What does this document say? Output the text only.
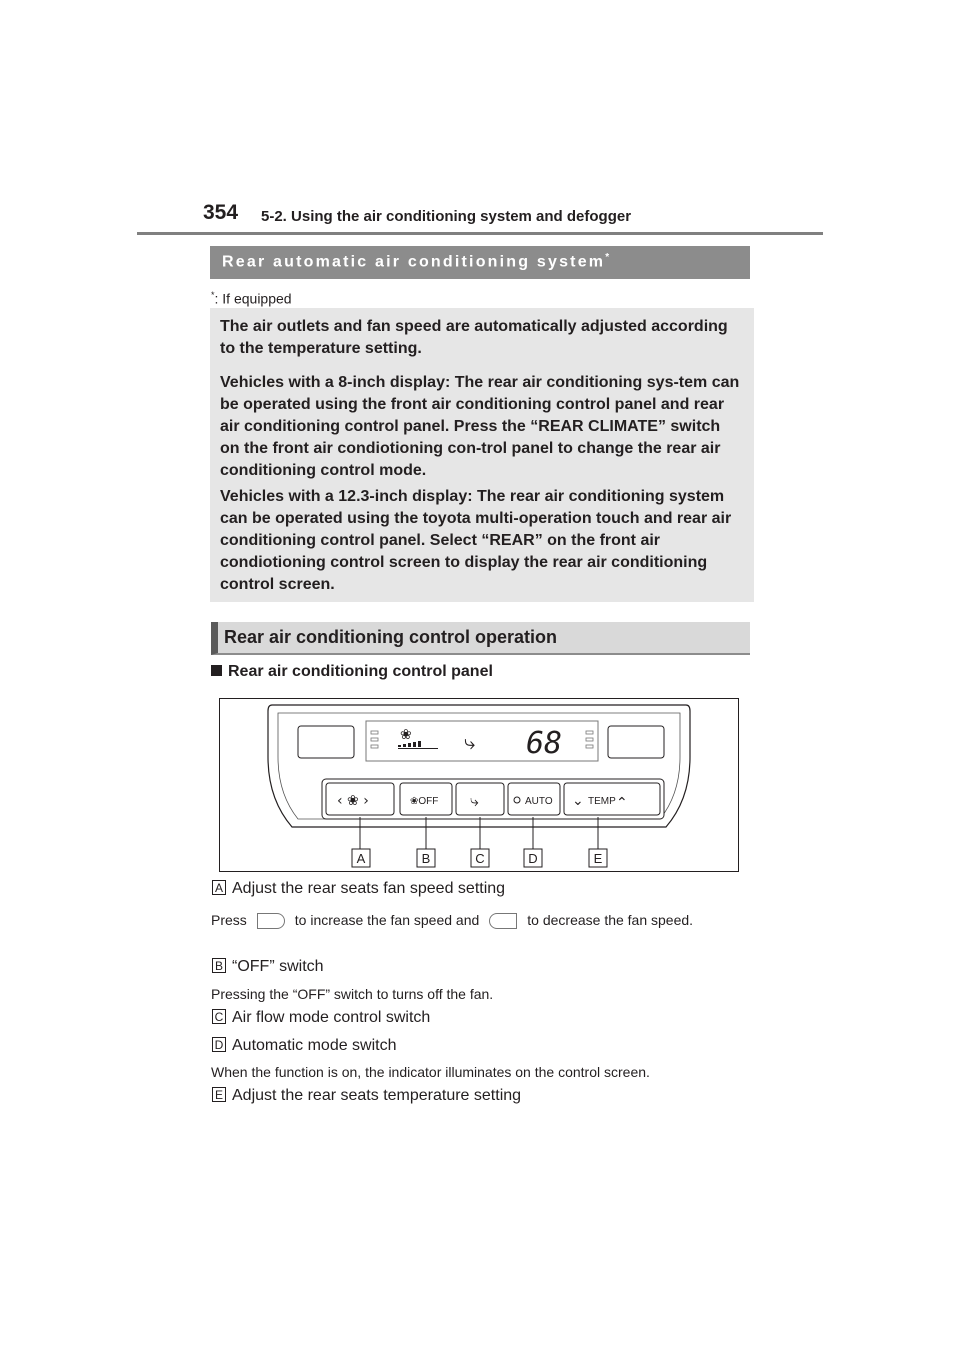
354 5-2. Using the air conditioning system and defogger
Rear automatic air conditioning system*
*: If equipped

The air outlets and fan speed are automatically adjusted according to the temperature setting.

Vehicles with a 8-inch display: The rear air conditioning sys-tem can be operated using the front air conditioning control panel and rear air conditioning control panel. Press the “REAR CLIMATE” switch on the front air condiotioning con-trol panel to change the rear air conditioning control mode.

Vehicles with a 12.3-inch display: The rear air conditioning system can be operated using the toyota multi-operation touch and rear air conditioning control panel. Select “REAR” on the front air condiotioning control screen to display the rear air conditioning control screen.

Rear air conditioning control operation
Rear air conditioning control panel
❀	⤷ 68
‹ ❀ ›	❀OFF ⤷	AUTO ⌄ TEMP ⌃
A	B	C	D	E
A Adjust the rear seats fan speed setting
Press	to increase the fan speed and	to decrease the fan speed.
B “OFF” switch
Pressing the “OFF” switch to turns off the fan.
C Air flow mode control switch
D Automatic mode switch
When the function is on, the indicator illuminates on the control screen.
E Adjust the rear seats temperature setting
